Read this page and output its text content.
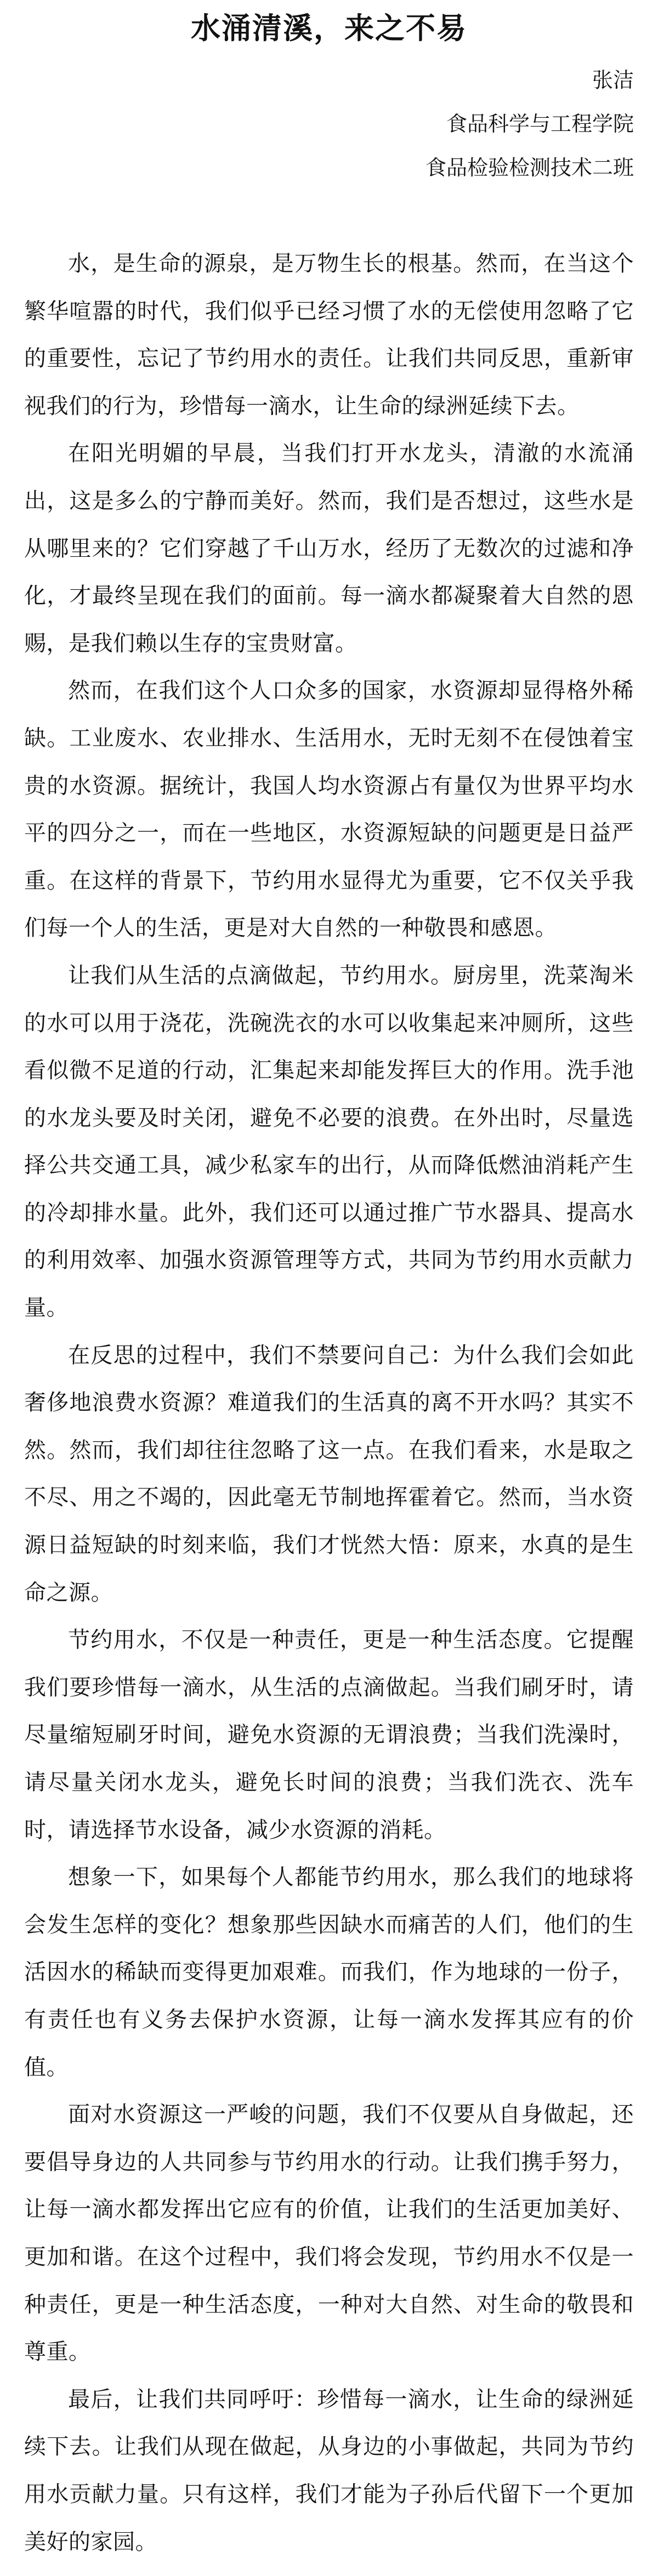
水涌清溪，来之不易
张洁
食品科学与工程学院
食品检验检测技术二班

水，是生命的源泉，是万物生长的根基。然而，在当这个繁华喧嚣的时代，我们似乎已经习惯了水的无偿使用忽略了它的重要性，忘记了节约用水的责任。让我们共同反思，重新审视我们的行为，珍惜每一滴水，让生命的绿洲延续下去。

在阳光明媚的早晨，当我们打开水龙头，清澈的水流涌出，这是多么的宁静而美好。然而，我们是否想过，这些水是从哪里来的？它们穿越了千山万水，经历了无数次的过滤和净化，才最终呈现在我们的面前。每一滴水都凝聚着大自然的恩赐，是我们赖以生存的宝贵财富。

然而，在我们这个人口众多的国家，水资源却显得格外稀缺。工业废水、农业排水、生活用水，无时无刻不在侵蚀着宝贵的水资源。据统计，我国人均水资源占有量仅为世界平均水平的四分之一，而在一些地区，水资源短缺的问题更是日益严重。在这样的背景下，节约用水显得尤为重要，它不仅关乎我们每一个人的生活，更是对大自然的一种敬畏和感恩。

让我们从生活的点滴做起，节约用水。厨房里，洗菜淘米的水可以用于浇花，洗碗洗衣的水可以收集起来冲厕所，这些看似微不足道的行动，汇集起来却能发挥巨大的作用。洗手池的水龙头要及时关闭，避免不必要的浪费。在外出时，尽量选择公共交通工具，减少私家车的出行，从而降低燃油消耗产生的冷却排水量。此外，我们还可以通过推广节水器具、提高水的利用效率、加强水资源管理等方式，共同为节约用水贡献力量。

在反思的过程中，我们不禁要问自己：为什么我们会如此奢侈地浪费水资源？难道我们的生活真的离不开水吗？其实不然。然而，我们却往往忽略了这一点。在我们看来，水是取之不尽、用之不竭的，因此毫无节制地挥霍着它。然而，当水资源日益短缺的时刻来临，我们才恍然大悟：原来，水真的是生命之源。

节约用水，不仅是一种责任，更是一种生活态度。它提醒我们要珍惜每一滴水，从生活的点滴做起。当我们刷牙时，请尽量缩短刷牙时间，避免水资源的无谓浪费；当我们洗澡时，请尽量关闭水龙头，避免长时间的浪费；当我们洗衣、洗车时，请选择节水设备，减少水资源的消耗。

想象一下，如果每个人都能节约用水，那么我们的地球将会发生怎样的变化？想象那些因缺水而痛苦的人们，他们的生活因水的稀缺而变得更加艰难。而我们，作为地球的一份子，有责任也有义务去保护水资源，让每一滴水发挥其应有的价值。

面对水资源这一严峻的问题，我们不仅要从自身做起，还要倡导身边的人共同参与节约用水的行动。让我们携手努力，让每一滴水都发挥出它应有的价值，让我们的生活更加美好、更加和谐。在这个过程中，我们将会发现，节约用水不仅是一种责任，更是一种生活态度，一种对大自然、对生命的敬畏和尊重。

最后，让我们共同呼吁：珍惜每一滴水，让生命的绿洲延续下去。让我们从现在做起，从身边的小事做起，共同为节约用水贡献力量。只有这样，我们才能为子孙后代留下一个更加美好的家园。
